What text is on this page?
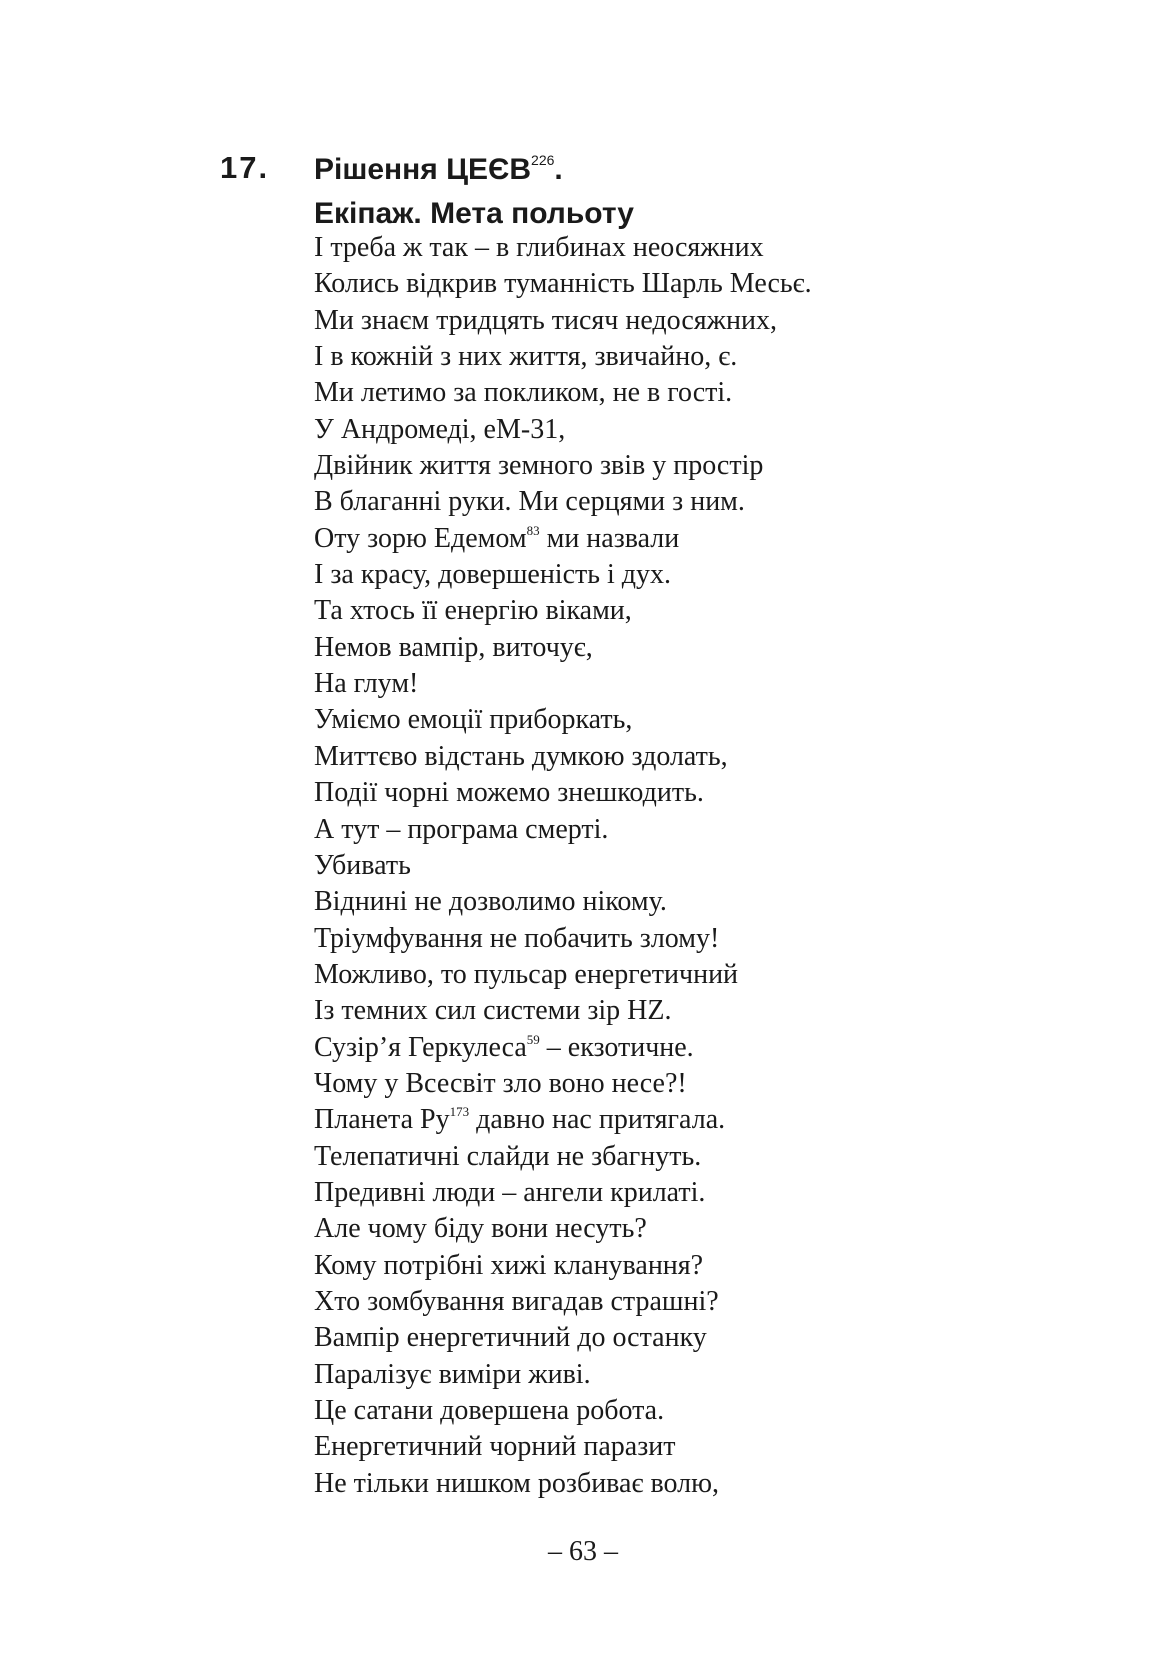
17. Рішення ЦЕЄВ$^{226}$.
Екіпаж. Мета польоту
І треба ж так – в глибинах неосяжних
Колись відкрив туманність Шарль Месьє.
Ми знаєм тридцять тисяч недосяжних,
І в кожній з них життя, звичайно, є.
Ми летимо за покликом, не в гості.
У Андромеді, еМ-31,
Двійник життя земного звів у простір
В благанні руки. Ми серцями з ним.
Оту зорю Едемом$^{83}$ ми назвали
І за красу, довершеність і дух.
Та хтось її енергію віками,
Немов вампір, виточує,
На глум!
Уміємо емоції приборкать,
Миттєво відстань думкою здолать,
Події чорні можемо знешкодить.
А тут – програма смерті.
Убивать
Віднині не дозволимо нікому.
Тріумфування не побачить злому!
Можливо, то пульсар енергетичний
Із темних сил системи зір HZ.
Сузір’я Геркулеса$^{59}$ – екзотичне.
Чому у Всесвіт зло воно несе?!
Планета $Ру^{173}$ давно нас притягала.
Телепатичні слайди не збагнуть.
Предивні люди – ангели крилаті.
Але чому біду вони несуть?
Кому потрібні хижі кланування?
Хто зомбування вигадав страшні?
Вампір енергетичний до останку
Паралізує виміри живі.
Це сатани довершена робота.
Енергетичний чорний паразит
Не тільки нишком розбиває волю,
– 63 –
